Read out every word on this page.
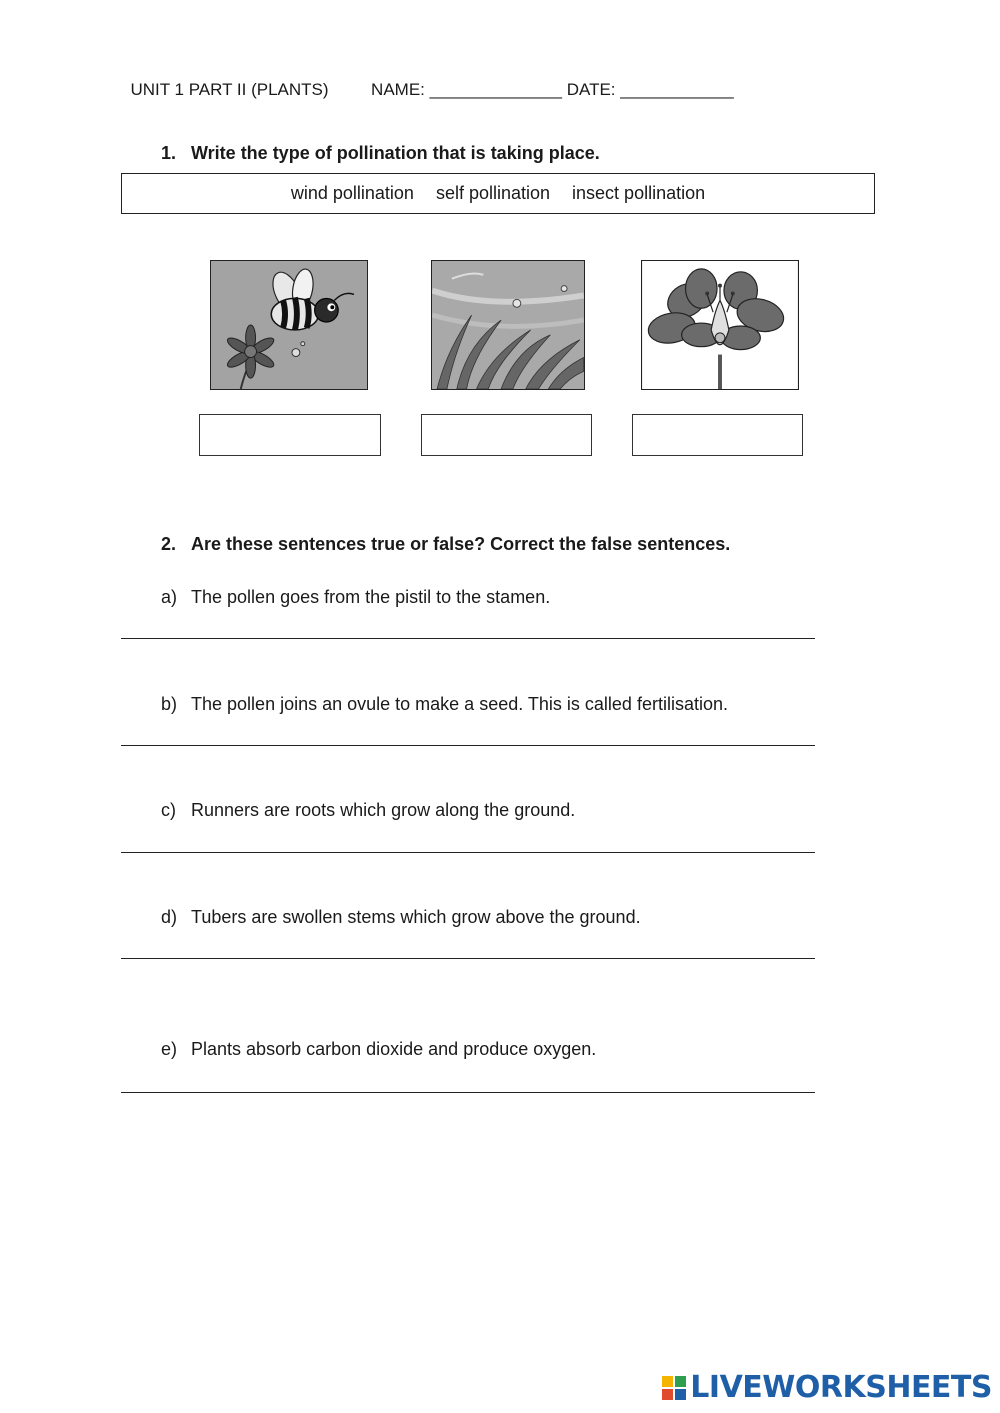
UNIT 1 PART II (PLANTS)	NAME: ______________ DATE: ____________

1. Write the type of pollination that is taking place.

wind pollination self pollination insect pollination

2. Are these sentences true or false? Correct the false sentences.

a) The pollen goes from the pistil to the stamen.

b) The pollen joins an ovule to make a seed. This is called fertilisation.

c) Runners are roots which grow along the ground.

d) Tubers are swollen stems which grow above the ground.

e) Plants absorb carbon dioxide and produce oxygen.

LIVEWORKSHEETS
